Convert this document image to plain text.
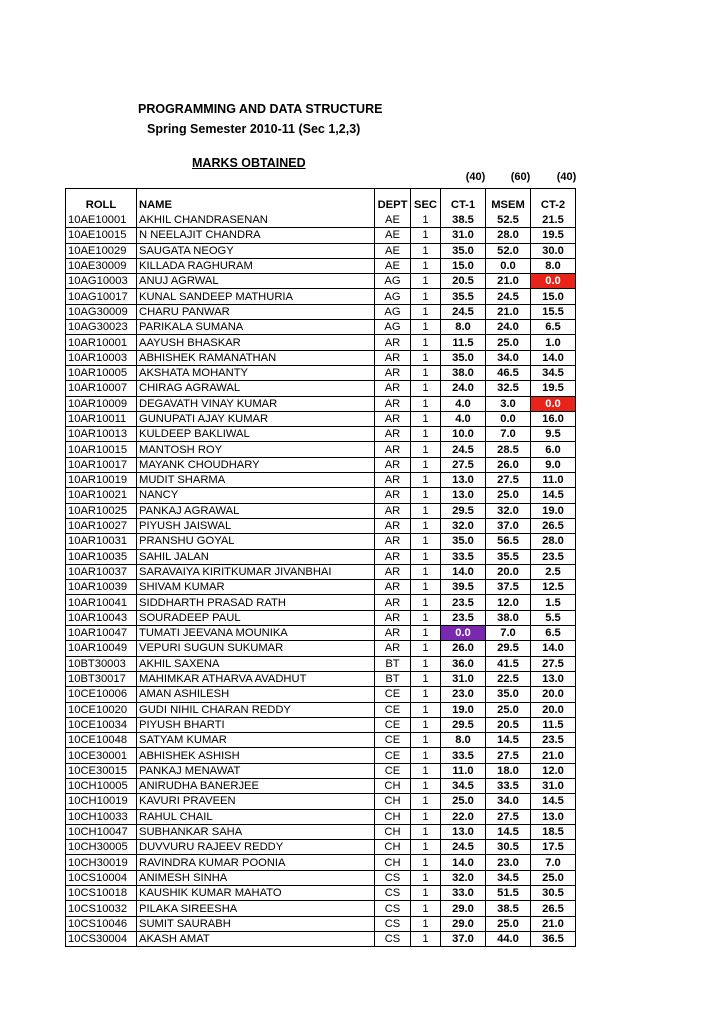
PROGRAMMING AND DATA STRUCTURE
Spring Semester 2010-11 (Sec 1,2,3)
MARKS OBTAINED
(40)	(60)	(40)
ROLL	NAME	DEPT	SEC	CT-1	MSEM	CT-2
10AE10001	AKHIL CHANDRASENAN	AE	1	38.5	52.5	21.5
10AE10015	N NEELAJIT CHANDRA	AE	1	31.0	28.0	19.5
10AE10029	SAUGATA NEOGY	AE	1	35.0	52.0	30.0
10AE30009	KILLADA RAGHURAM	AE	1	15.0	0.0	8.0
10AG10003	ANUJ AGRWAL	AG	1	20.5	21.0	0.0
10AG10017	KUNAL SANDEEP MATHURIA	AG	1	35.5	24.5	15.0
10AG30009	CHARU PANWAR	AG	1	24.5	21.0	15.5
10AG30023	PARIKALA SUMANA	AG	1	8.0	24.0	6.5
10AR10001	AAYUSH BHASKAR	AR	1	11.5	25.0	1.0
10AR10003	ABHISHEK RAMANATHAN	AR	1	35.0	34.0	14.0
10AR10005	AKSHATA MOHANTY	AR	1	38.0	46.5	34.5
10AR10007	CHIRAG AGRAWAL	AR	1	24.0	32.5	19.5
10AR10009	DEGAVATH VINAY KUMAR	AR	1	4.0	3.0	0.0
10AR10011	GUNUPATI AJAY KUMAR	AR	1	4.0	0.0	16.0
10AR10013	KULDEEP BAKLIWAL	AR	1	10.0	7.0	9.5
10AR10015	MANTOSH ROY	AR	1	24.5	28.5	6.0
10AR10017	MAYANK CHOUDHARY	AR	1	27.5	26.0	9.0
10AR10019	MUDIT SHARMA	AR	1	13.0	27.5	11.0
10AR10021	NANCY	AR	1	13.0	25.0	14.5
10AR10025	PANKAJ AGRAWAL	AR	1	29.5	32.0	19.0
10AR10027	PIYUSH JAISWAL	AR	1	32.0	37.0	26.5
10AR10031	PRANSHU GOYAL	AR	1	35.0	56.5	28.0
10AR10035	SAHIL JALAN	AR	1	33.5	35.5	23.5
10AR10037	SARAVAIYA KIRITKUMAR JIVANBHAI	AR	1	14.0	20.0	2.5
10AR10039	SHIVAM KUMAR	AR	1	39.5	37.5	12.5
10AR10041	SIDDHARTH PRASAD RATH	AR	1	23.5	12.0	1.5
10AR10043	SOURADEEP PAUL	AR	1	23.5	38.0	5.5
10AR10047	TUMATI JEEVANA MOUNIKA	AR	1	0.0	7.0	6.5
10AR10049	VEPURI SUGUN SUKUMAR	AR	1	26.0	29.5	14.0
10BT30003	AKHIL SAXENA	BT	1	36.0	41.5	27.5
10BT30017	MAHIMKAR ATHARVA AVADHUT	BT	1	31.0	22.5	13.0
10CE10006	AMAN ASHILESH	CE	1	23.0	35.0	20.0
10CE10020	GUDI NIHIL CHARAN REDDY	CE	1	19.0	25.0	20.0
10CE10034	PIYUSH BHARTI	CE	1	29.5	20.5	11.5
10CE10048	SATYAM KUMAR	CE	1	8.0	14.5	23.5
10CE30001	ABHISHEK ASHISH	CE	1	33.5	27.5	21.0
10CE30015	PANKAJ MENAWAT	CE	1	11.0	18.0	12.0
10CH10005	ANIRUDHA BANERJEE	CH	1	34.5	33.5	31.0
10CH10019	KAVURI PRAVEEN	CH	1	25.0	34.0	14.5
10CH10033	RAHUL CHAIL	CH	1	22.0	27.5	13.0
10CH10047	SUBHANKAR SAHA	CH	1	13.0	14.5	18.5
10CH30005	DUVVURU RAJEEV REDDY	CH	1	24.5	30.5	17.5
10CH30019	RAVINDRA KUMAR POONIA	CH	1	14.0	23.0	7.0
10CS10004	ANIMESH SINHA	CS	1	32.0	34.5	25.0
10CS10018	KAUSHIK KUMAR MAHATO	CS	1	33.0	51.5	30.5
10CS10032	PILAKA SIREESHA	CS	1	29.0	38.5	26.5
10CS10046	SUMIT SAURABH	CS	1	29.0	25.0	21.0
10CS30004	AKASH AMAT	CS	1	37.0	44.0	36.5
